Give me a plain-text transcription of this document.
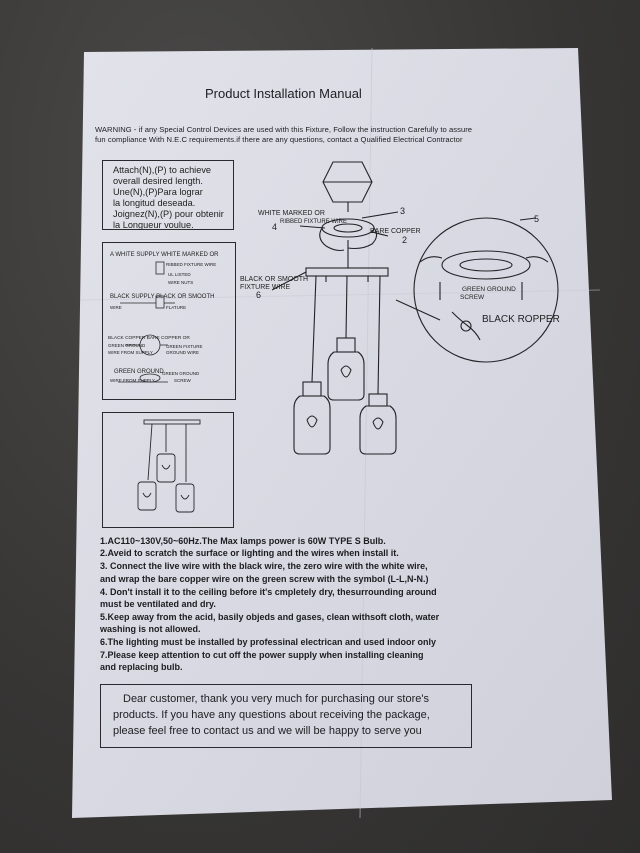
Product Installation Manual
WARNING - if any Special Control Devices are used with this Fixture, Follow the instruction Carefully to assure
fun compliance With N.E.C requirements.if there are any questions, contact a Qualified Electrical Contractor
Attach(N),(P) to achieve
overall desired length.
Une(N),(P)Para lograr
la longitud deseada.
Joignez(N),(P) pour obtenir
la Longueur voulue.
A WHITE SUPPLY WHITE MARKED OR
RIBBED FIXTURE WIRE
UL LISTED
WIRE NUTS
BLACK SUPPLY BLACK OR SMOOTH
WIRE	FLATURE
BLACK COPPER BARE COPPER OR
GREEN GROUND
WIRE FROM SUPPLY
GREEN FIXTURE
GROUND WIRE
GREEN GROUND
WIRE FROM SUPPLY
GREEN GROUND
SCREW
WHITE MARKED OR
RIBBED FIXTURE WIRE
3
4	BARE COPPER
2
BLACK OR SMOOTH
FIXTURE WIRE
6
5
GREEN GROUND
SCREW
BLACK ROPPER
1.AC110~130V,50~60Hz.The Max lamps power is 60W TYPE S Bulb.
2.Aveid to scratch the surface or lighting and the wires when install it.
3. Connect the live wire with the black wire, the zero wire with the white wire,
and wrap the bare copper wire on the green screw with the symbol (L-L,N-N.)
4. Don't install it to the ceiling before it's cmpletely dry, thesurrounding around
must be ventilated and dry.
5.Keep away from the acid, basily objeds and gases, clean withsoft cloth, water
washing is not allowed.
6.The lighting must be installed by professinal electrican and used indoor only
7.Please keep attention to cut off the power supply when installing cleaning
and replacing bulb.
Dear customer, thank you very much for purchasing our store's
products. If you have any questions about receiving the package,
please feel free to contact us and we will be happy to serve you
